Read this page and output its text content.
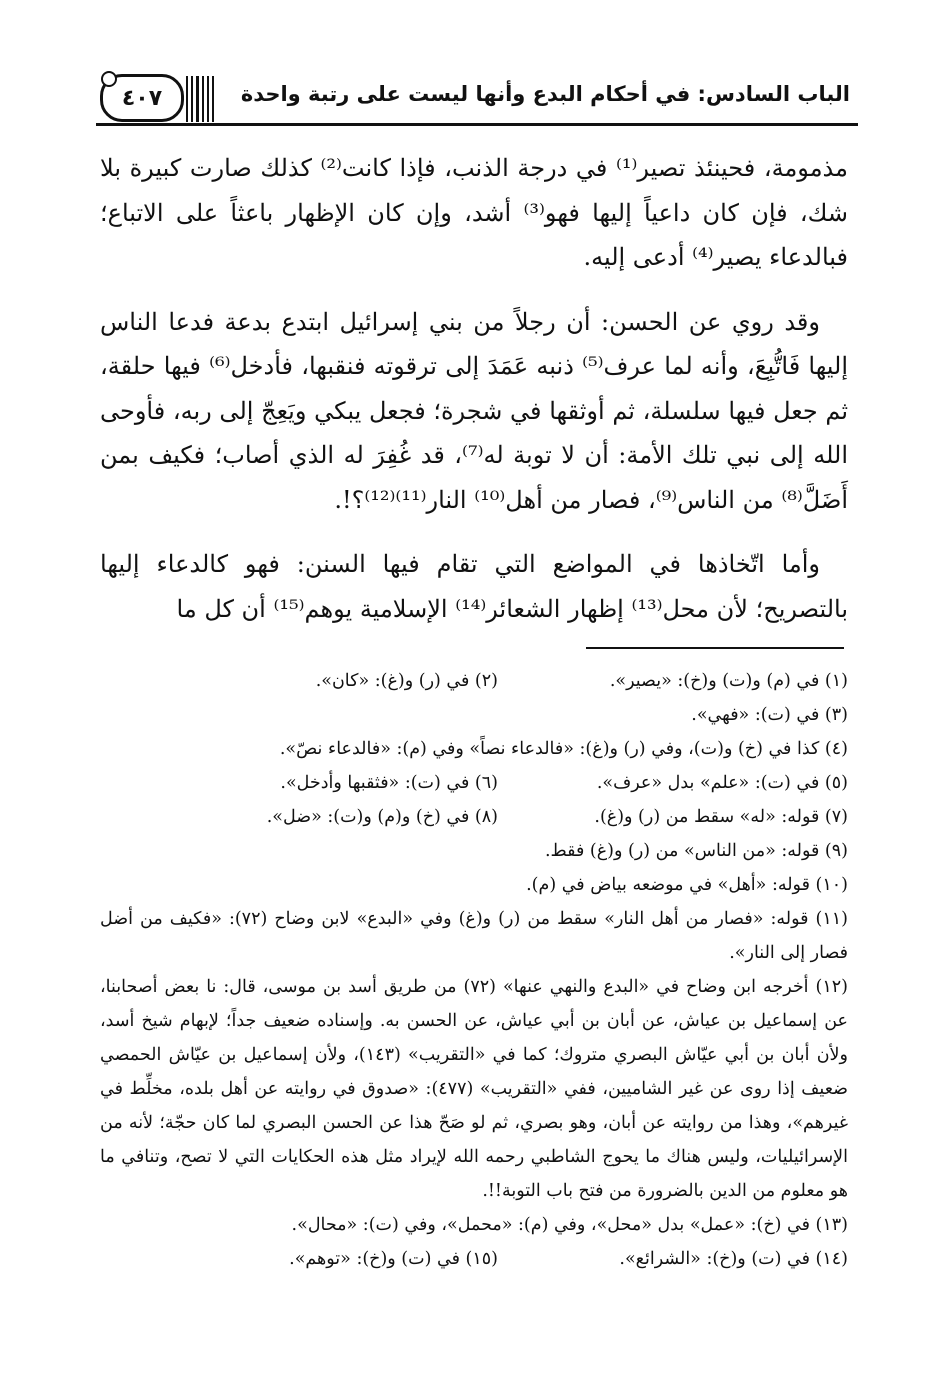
٤٠٧	الباب السادس: في أحكام البدع وأنها ليست على رتبة واحدة

مذمومة، فحينئذ تصير⁽¹⁾ في درجة الذنب، فإذا كانت⁽²⁾ كذلك صارت كبيرة بلا شك، فإن كان داعياً إليها فهو⁽³⁾ أشد، وإن كان الإظهار باعثاً على الاتباع؛ فبالدعاء يصير⁽⁴⁾ أدعى إليه.

وقد روي عن الحسن: أن رجلاً من بني إسرائيل ابتدع بدعة فدعا الناس إليها فَاتُّبِعَ، وأنه لما عرف⁽⁵⁾ ذنبه عَمَدَ إلى ترقوته فنقبها، فأدخل⁽⁶⁾ فيها حلقة، ثم جعل فيها سلسلة، ثم أوثقها في شجرة؛ فجعل يبكي ويَعِجّ إلى ربه، فأوحى الله إلى نبي تلك الأمة: أن لا توبة له⁽⁷⁾، قد غُفِرَ له الذي أصاب؛ فكيف بمن أَضَلَّ⁽⁸⁾ من الناس⁽⁹⁾، فصار من أهل⁽¹⁰⁾ النار⁽¹¹⁾⁽¹²⁾؟!.

وأما اتّخاذها في المواضع التي تقام فيها السنن: فهو كالدعاء إليها بالتصريح؛ لأن محل⁽¹³⁾ إظهار الشعائر⁽¹⁴⁾ الإسلامية يوهم⁽¹⁵⁾ أن كل ما

(١) في (م) و(ت) و(خ): «يصير».
(٢) في (ر) و(غ): «كان».
(٣) في (ت): «فهي».
(٤) كذا في (خ) و(ت)، وفي (ر) و(غ): «فالدعاء نصاً» وفي (م): «فالدعاء نصّ».
(٥) في (ت): «علم» بدل «عرف».
(٦) في (ت): «فثقبها وأدخل».
(٧) قوله: «له» سقط من (ر) و(غ).
(٨) في (خ) و(م) و(ت): «ضل».
(٩) قوله: «من الناس» من (ر) و(غ) فقط.
(١٠) قوله: «أهل» في موضعه بياض في (م).
(١١) قوله: «فصار من أهل النار» سقط من (ر) و(غ) وفي «البدع» لابن وضاح (٧٢): «فكيف من أضل فصار إلى النار».
(١٢) أخرجه ابن وضاح في «البدع والنهي عنها» (٧٢) من طريق أسد بن موسى، قال: نا بعض أصحابنا، عن إسماعيل بن عياش، عن أبان بن أبي عياش، عن الحسن به. وإسناده ضعيف جداً؛ لإبهام شيخ أسد، ولأن أبان بن أبي عيّاش البصري متروك؛ كما في «التقريب» (١٤٣)، ولأن إسماعيل بن عيّاش الحمصي ضعيف إذا روى عن غير الشاميين، ففي «التقريب» (٤٧٧): «صدوق في روايته عن أهل بلده، مخلِّط في غيرهم»، وهذا من روايته عن أبان، وهو بصري، ثم لو صَحّ هذا عن الحسن البصري لما كان حجّة؛ لأنه من الإسرائيليات، وليس هناك ما يحوج الشاطبي رحمه الله لإيراد مثل هذه الحكايات التي لا تصح، وتنافي ما هو معلوم من الدين بالضرورة من فتح باب التوبة!!.
(١٣) في (خ): «عمل» بدل «محل»، وفي (م): «محمل»، وفي (ت): «محال».
(١٤) في (ت) و(خ): «الشرائع».
(١٥) في (ت) و(خ): «توهم».
